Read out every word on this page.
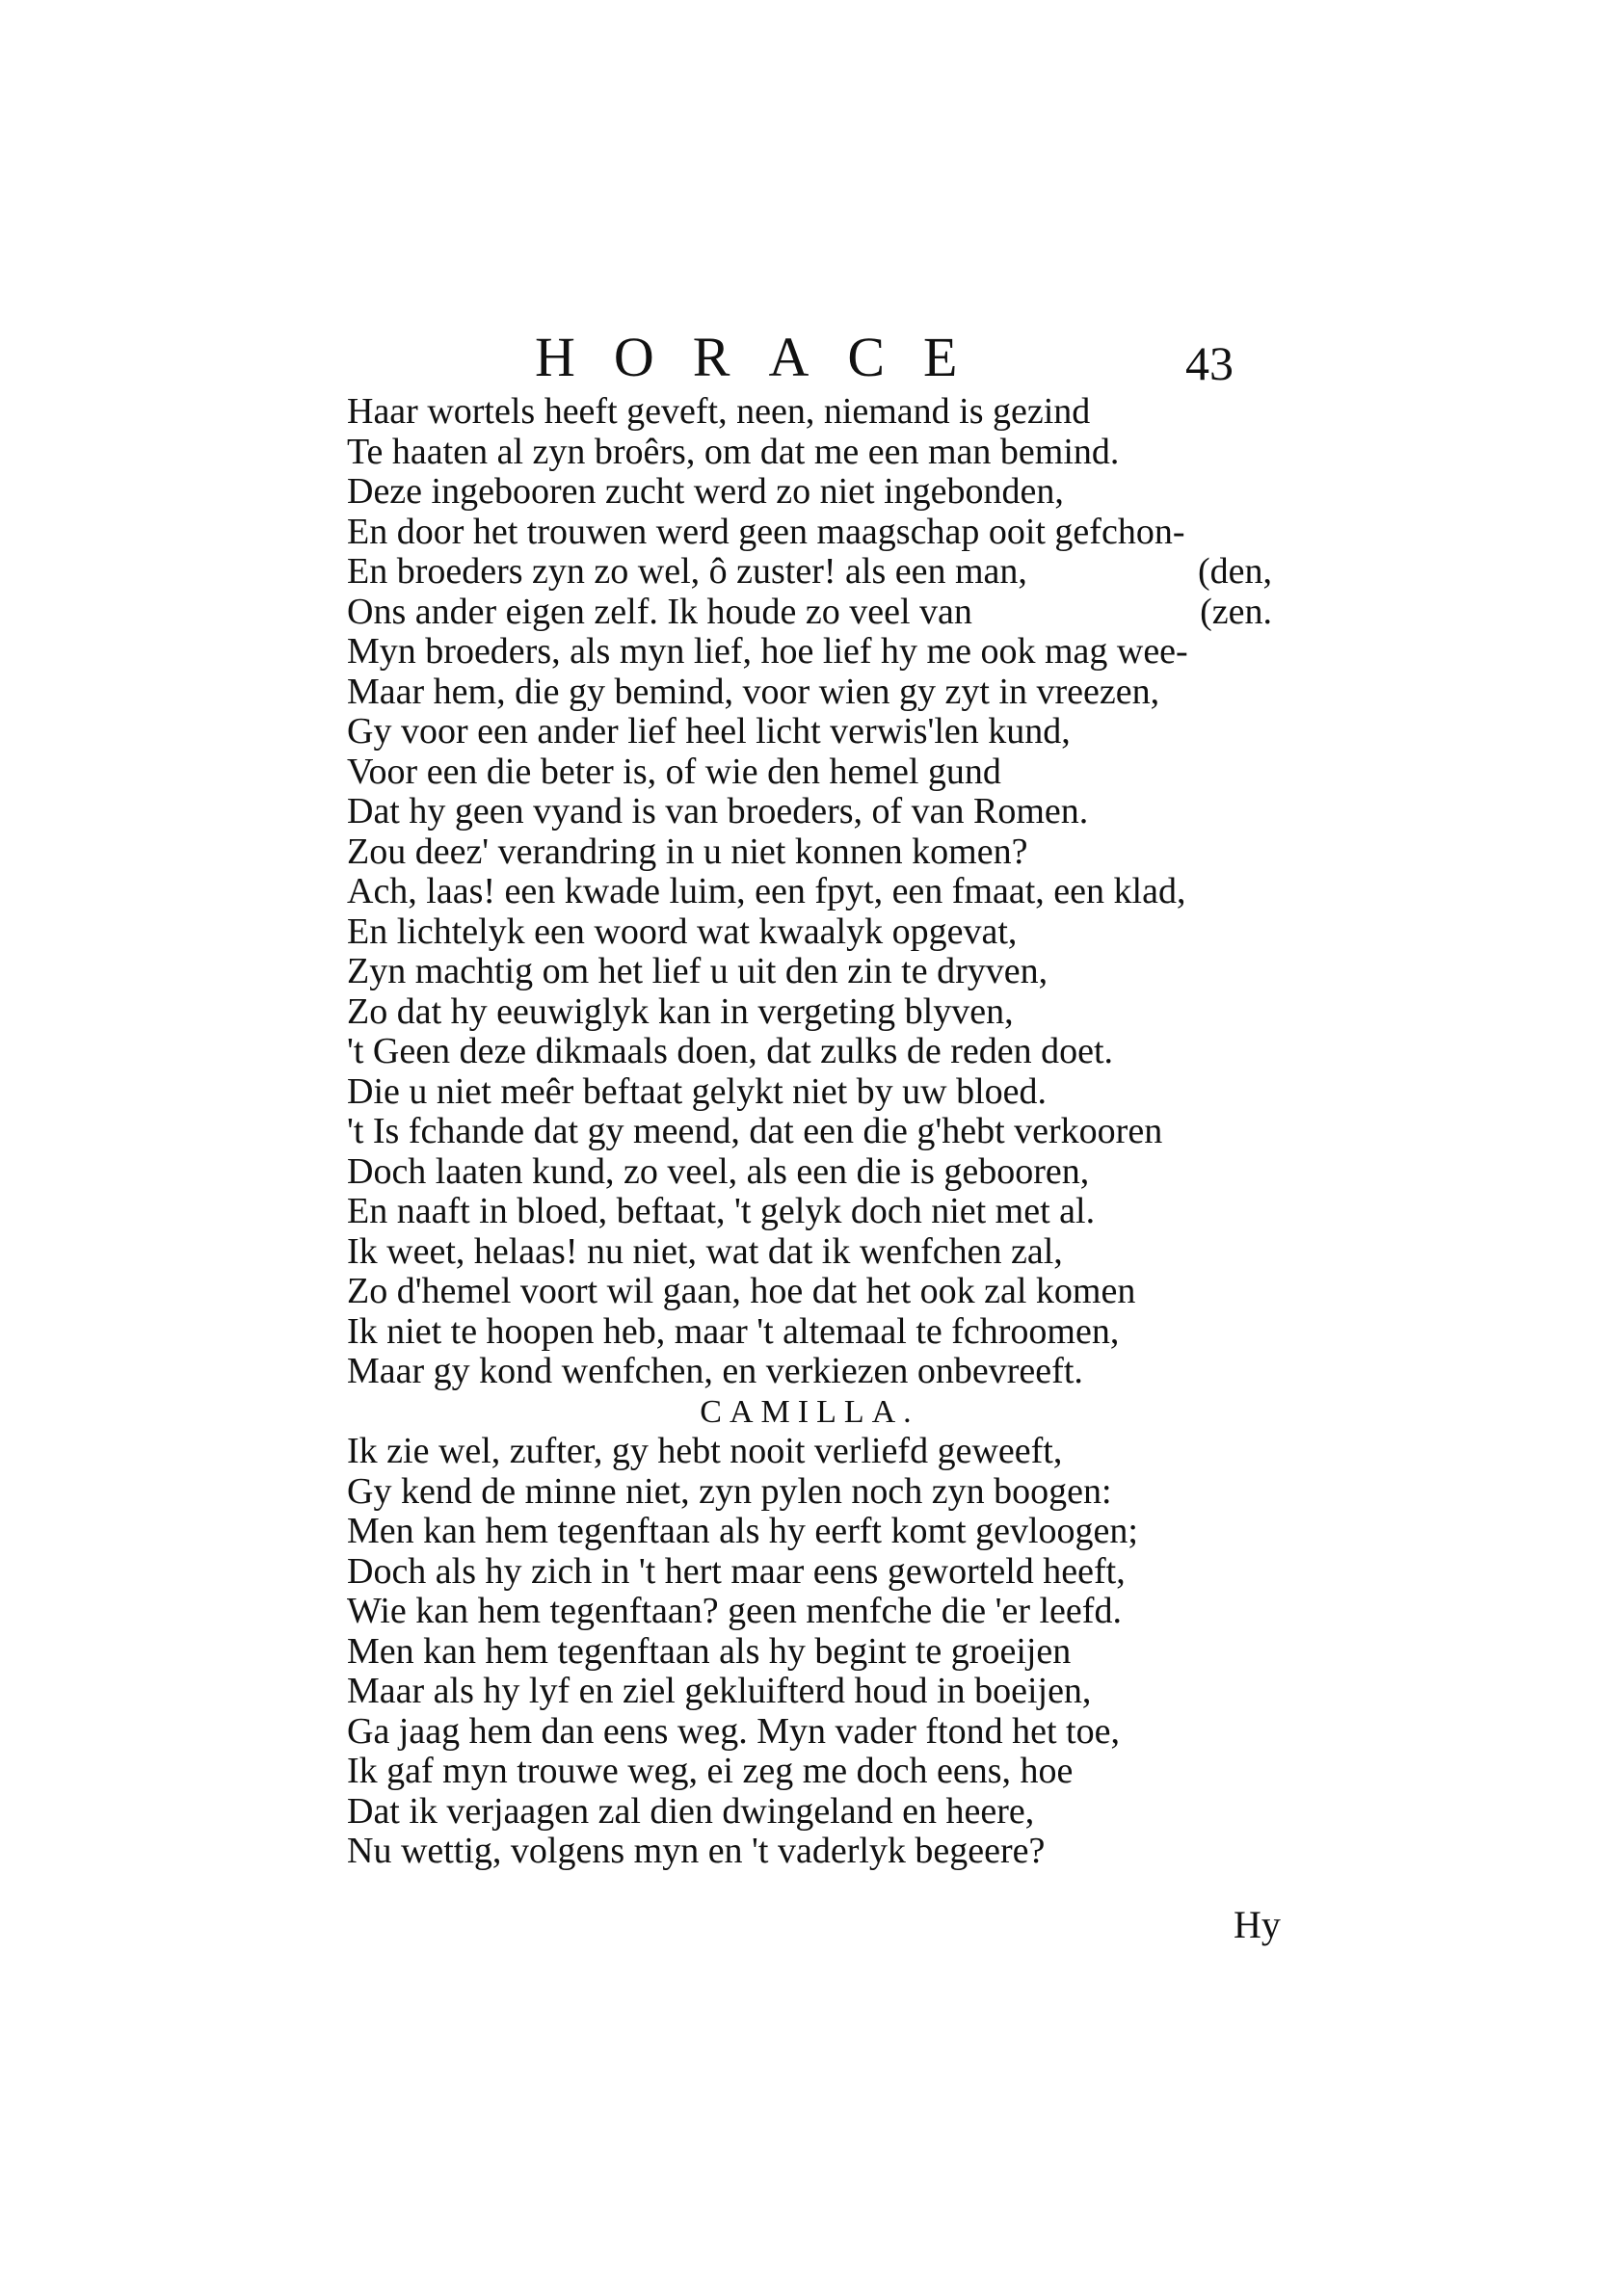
HORACE	43
Haar wortels heeft geveft, neen, niemand is gezind
Te haaten al zyn broêrs, om dat me een man bemind.
Deze ingebooren zucht werd zo niet ingebonden,
En door het trouwen werd geen maagschap ooit gefchon-
En broeders zyn zo wel, ô zuster! als een man,	(den,
Ons ander eigen zelf. Ik houde zo veel van	(zen.
Myn broeders, als myn lief, hoe lief hy me ook mag wee-
Maar hem, die gy bemind, voor wien gy zyt in vreezen,
Gy voor een ander lief heel licht verwis'len kund,
Voor een die beter is, of wie den hemel gund
Dat hy geen vyand is van broeders, of van Romen.
Zou deez' verandring in u niet konnen komen?
Ach, laas! een kwade luim, een fpyt, een fmaat, een klad,
En lichtelyk een woord wat kwaalyk opgevat,
Zyn machtig om het lief u uit den zin te dryven,
Zo dat hy eeuwiglyk kan in vergeting blyven,
't Geen deze dikmaals doen, dat zulks de reden doet.
Die u niet meêr beftaat gelykt niet by uw bloed.
't Is fchande dat gy meend, dat een die g'hebt verkooren
Doch laaten kund, zo veel, als een die is gebooren,
En naaft in bloed, beftaat, 't gelyk doch niet met al.
Ik weet, helaas! nu niet, wat dat ik wenfchen zal,
Zo d'hemel voort wil gaan, hoe dat het ook zal komen
Ik niet te hoopen heb, maar 't altemaal te fchroomen,
Maar gy kond wenfchen, en verkiezen onbevreeft.
CAMILLA.
Ik zie wel, zufter, gy hebt nooit verliefd geweeft,
Gy kend de minne niet, zyn pylen noch zyn boogen:
Men kan hem tegenftaan als hy eerft komt gevloogen;
Doch als hy zich in 't hert maar eens geworteld heeft,
Wie kan hem tegenftaan? geen menfche die 'er leefd.
Men kan hem tegenftaan als hy begint te groeijen
Maar als hy lyf en ziel gekluifterd houd in boeijen,
Ga jaag hem dan eens weg. Myn vader ftond het toe,
Ik gaf myn trouwe weg, ei zeg me doch eens, hoe
Dat ik verjaagen zal dien dwingeland en heere,
Nu wettig, volgens myn en 't vaderlyk begeere?
Hy
